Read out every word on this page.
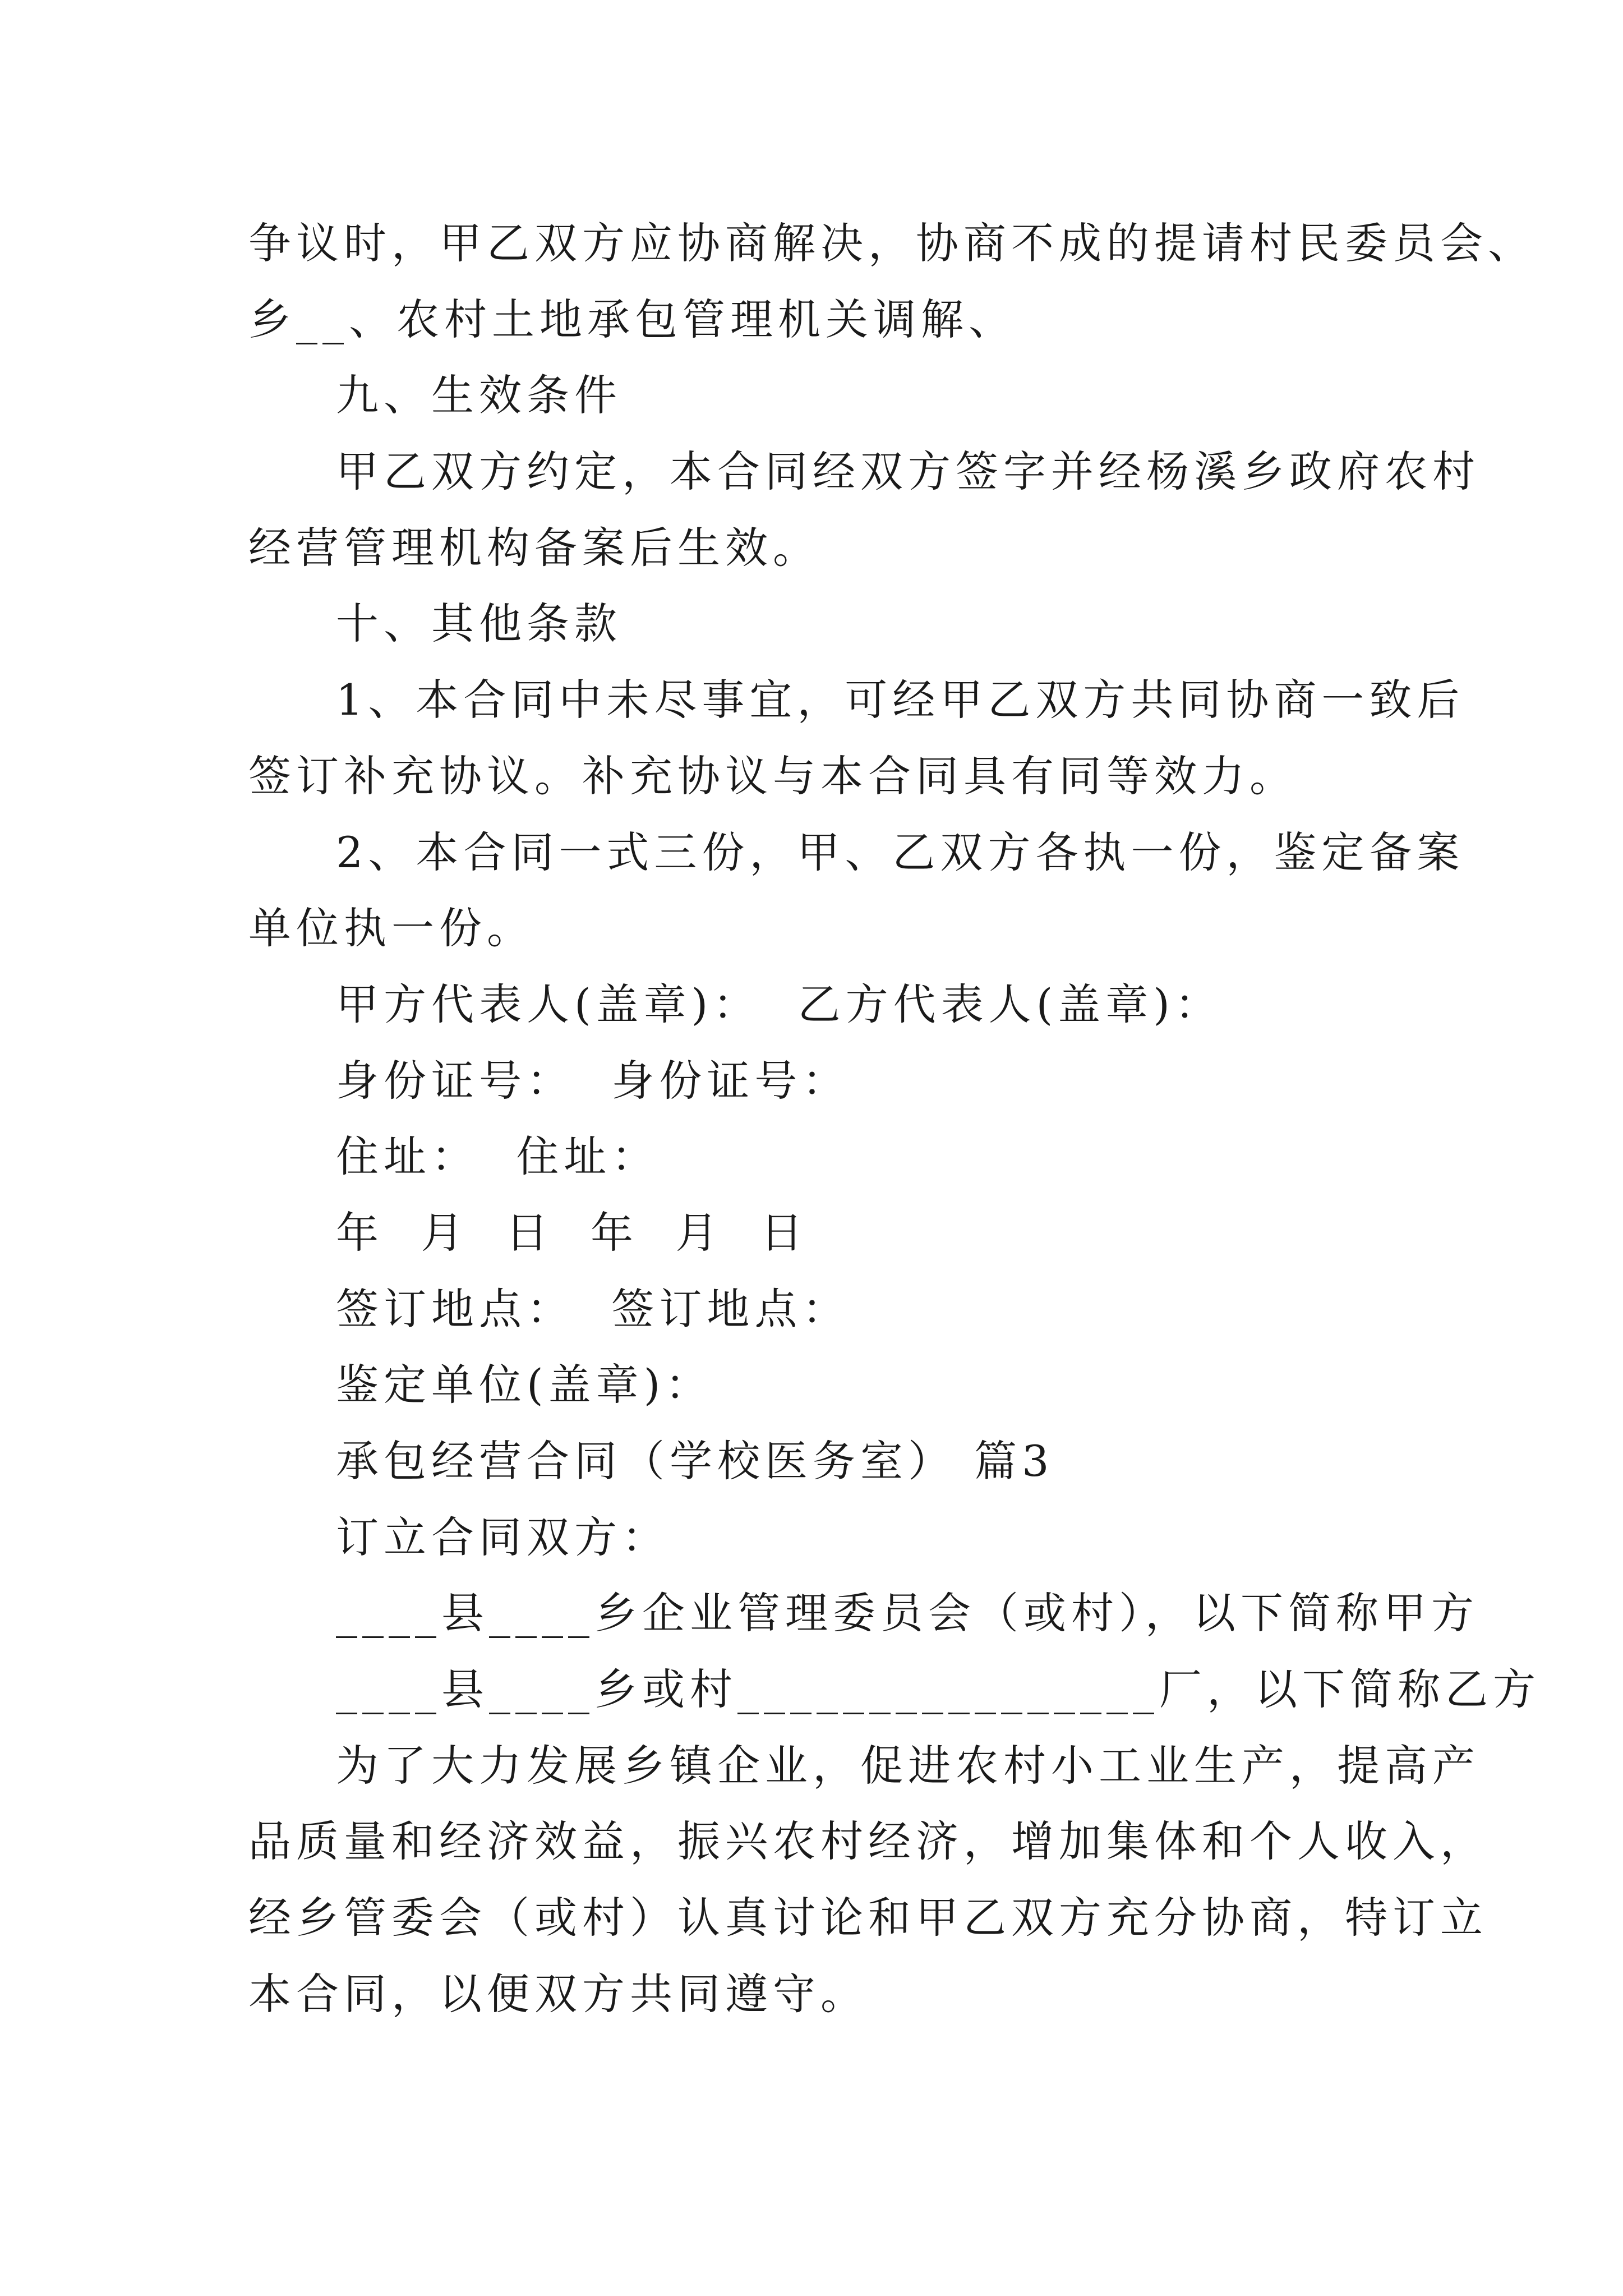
争议时，甲乙双方应协商解决，协商不成的提请村民委员会、
乡__、农村土地承包管理机关调解、
九、生效条件
甲乙双方约定，本合同经双方签字并经杨溪乡政府农村
经营管理机构备案后生效。
十、其他条款
1、本合同中未尽事宜，可经甲乙双方共同协商一致后
签订补充协议。补充协议与本合同具有同等效力。
2、本合同一式三份，甲、乙双方各执一份，鉴定备案
单位执一份。
甲方代表人(盖章)：  乙方代表人(盖章)：
身份证号：  身份证号：
住址：  住址：
年  月  日  年  月  日
签订地点：  签订地点：
鉴定单位(盖章)：
承包经营合同（学校医务室） 篇3
订立合同双方：
____县____乡企业管理委员会（或村），以下简称甲方
____县____乡或村________________厂，以下简称乙方
为了大力发展乡镇企业，促进农村小工业生产，提高产
品质量和经济效益，振兴农村经济，增加集体和个人收入，
经乡管委会（或村）认真讨论和甲乙双方充分协商，特订立
本合同，以便双方共同遵守。
